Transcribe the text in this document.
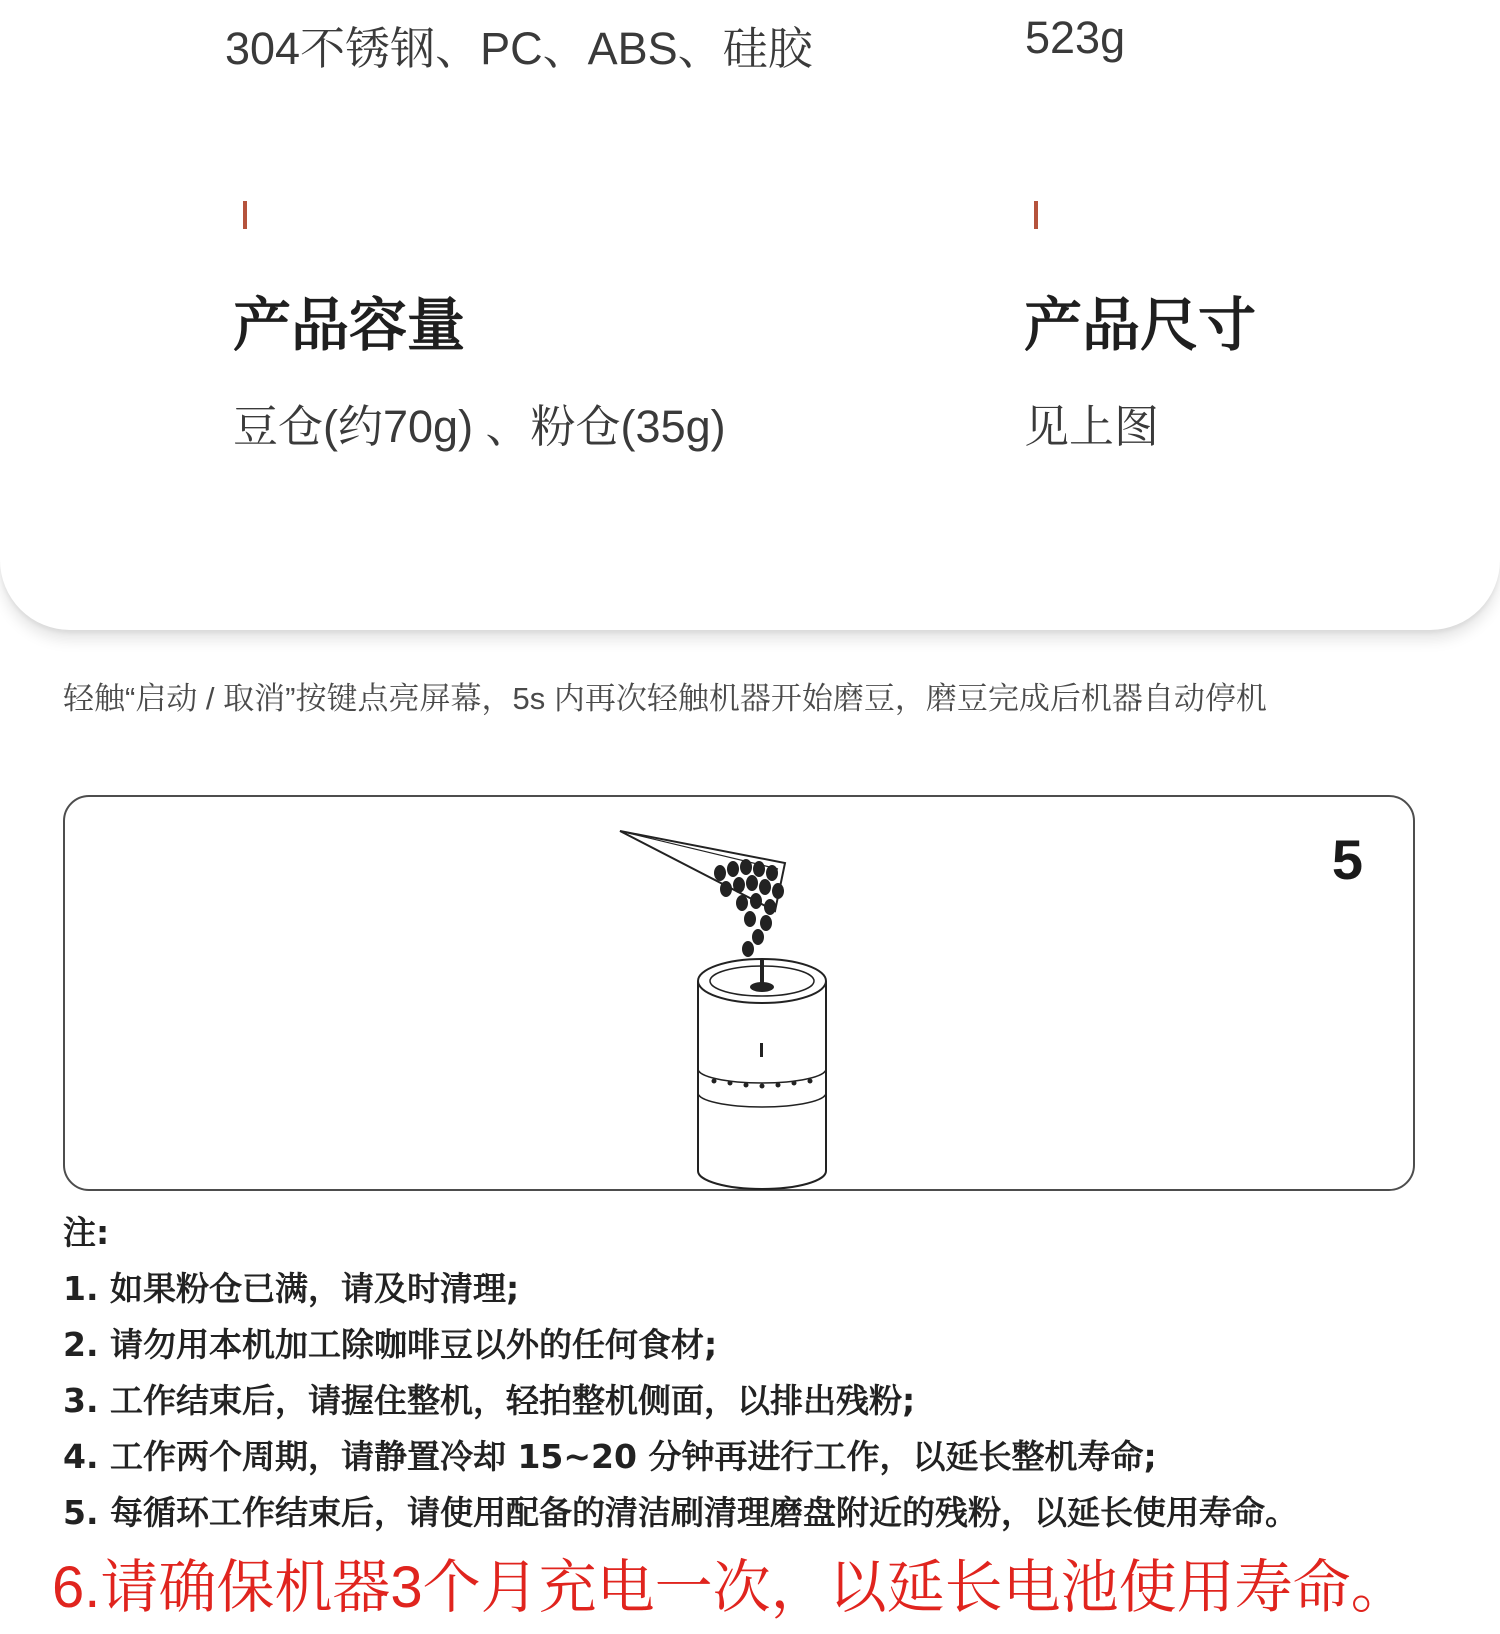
304不锈钢、PC、ABS、硅胶	523g
产品容量	产品尺寸
豆仓(约70g) 、粉仓(35g)	见上图
轻触“启动 / 取消”按键点亮屏幕，5s 内再次轻触机器开始磨豆，磨豆完成后机器自动停机
5
注:
1. 如果粉仓已满，请及时清理;
2. 请勿用本机加工除咖啡豆以外的任何食材;
3. 工作结束后，请握住整机，轻拍整机侧面，以排出残粉;
4. 工作两个周期，请静置冷却 15~20 分钟再进行工作，以延长整机寿命;
5. 每循环工作结束后，请使用配备的清洁刷清理磨盘附近的残粉，以延长使用寿命。
6.请确保机器3个月充电一次，以延长电池使用寿命。
